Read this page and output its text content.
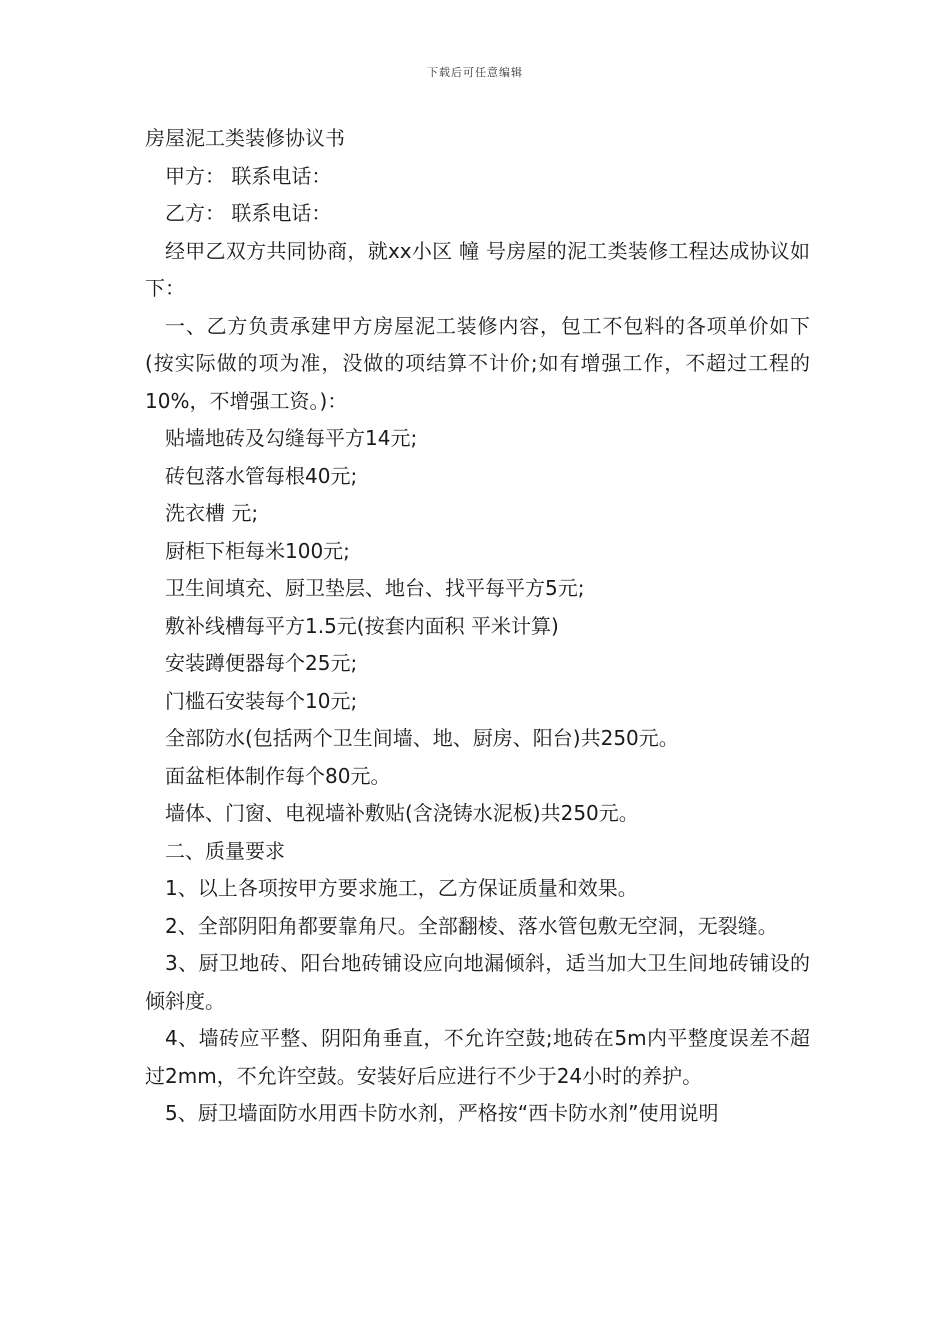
下载后可任意编辑

房屋泥工类装修协议书

甲方： 联系电话：

乙方： 联系电话：

经甲乙双方共同协商，就xx小区 幢 号房屋的泥工类装修工程达成协议如下：

一、乙方负责承建甲方房屋泥工装修内容，包工不包料的各项单价如下(按实际做的项为准，没做的项结算不计价;如有增强工作，不超过工程的10%，不增强工资。)：

贴墙地砖及勾缝每平方14元;

砖包落水管每根40元;

洗衣槽 元;

厨柜下柜每米100元;

卫生间填充、厨卫垫层、地台、找平每平方5元;

敷补线槽每平方1.5元(按套内面积 平米计算)

安装蹲便器每个25元;

门槛石安装每个10元;

全部防水(包括两个卫生间墙、地、厨房、阳台)共250元。

面盆柜体制作每个80元。

墙体、门窗、电视墙补敷贴(含浇铸水泥板)共250元。

二、质量要求

1、以上各项按甲方要求施工，乙方保证质量和效果。

2、全部阴阳角都要靠角尺。全部翻棱、落水管包敷无空洞，无裂缝。

3、厨卫地砖、阳台地砖铺设应向地漏倾斜，适当加大卫生间地砖铺设的倾斜度。

4、墙砖应平整、阴阳角垂直，不允许空鼓;地砖在5m内平整度误差不超过2mm，不允许空鼓。安装好后应进行不少于24小时的养护。

5、厨卫墙面防水用西卡防水剂，严格按“西卡防水剂”使用说明
